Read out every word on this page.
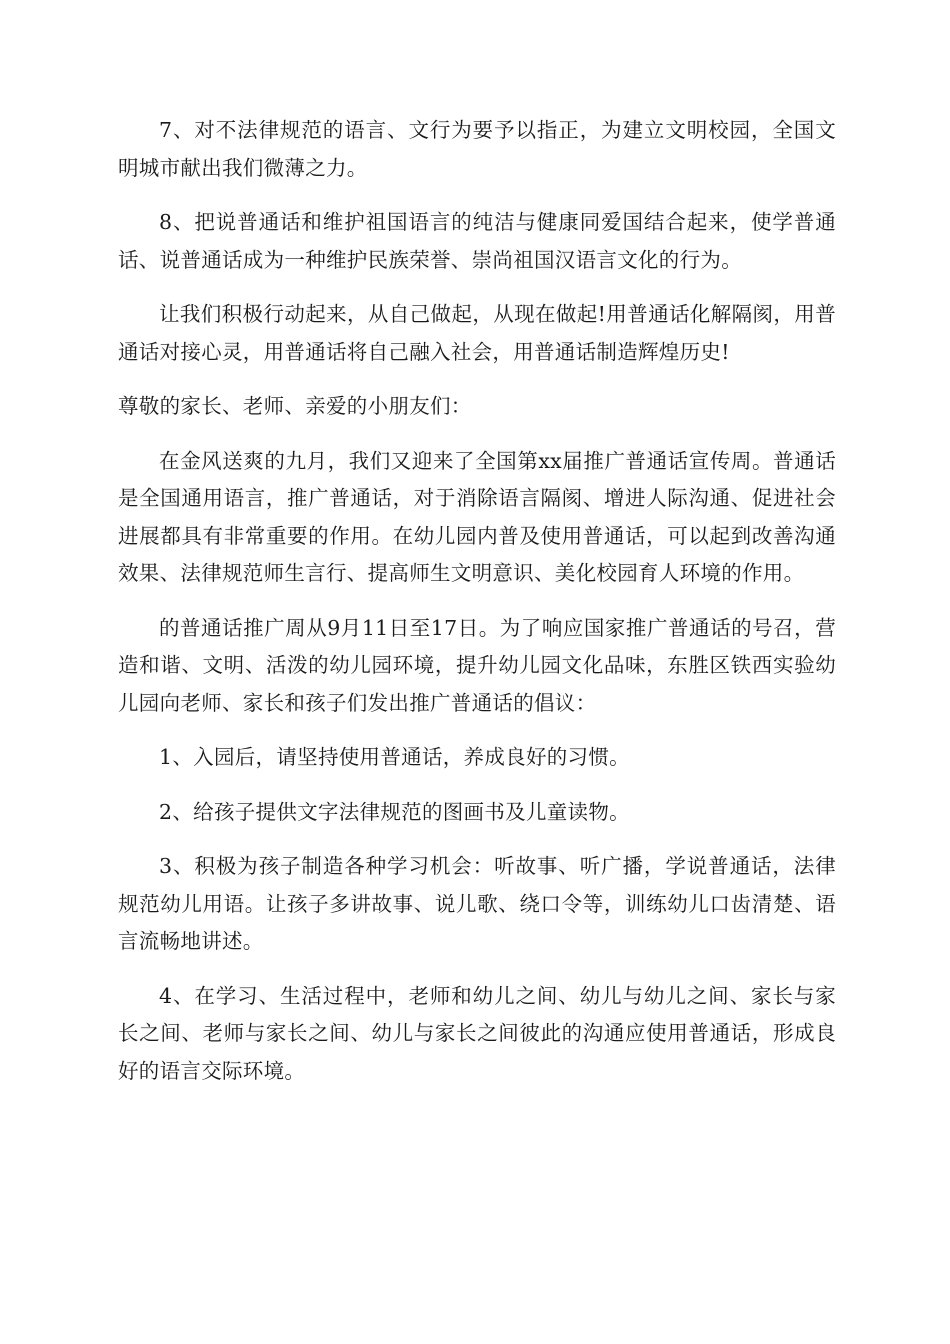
7、对不法律规范的语言、文行为要予以指正，为建立文明校园，全国文明城市献出我们微薄之力。

8、把说普通话和维护祖国语言的纯洁与健康同爱国结合起来，使学普通话、说普通话成为一种维护民族荣誉、崇尚祖国汉语言文化的行为。

让我们积极行动起来，从自己做起，从现在做起!用普通话化解隔阂，用普通话对接心灵，用普通话将自己融入社会，用普通话制造辉煌历史!

尊敬的家长、老师、亲爱的小朋友们：

在金风送爽的九月，我们又迎来了全国第xx届推广普通话宣传周。普通话是全国通用语言，推广普通话，对于消除语言隔阂、增进人际沟通、促进社会进展都具有非常重要的作用。在幼儿园内普及使用普通话，可以起到改善沟通效果、法律规范师生言行、提高师生文明意识、美化校园育人环境的作用。

的普通话推广周从9月11日至17日。为了响应国家推广普通话的号召，营造和谐、文明、活泼的幼儿园环境，提升幼儿园文化品味，东胜区铁西实验幼儿园向老师、家长和孩子们发出推广普通话的倡议：

1、入园后，请坚持使用普通话，养成良好的习惯。

2、给孩子提供文字法律规范的图画书及儿童读物。

3、积极为孩子制造各种学习机会：听故事、听广播，学说普通话，法律规范幼儿用语。让孩子多讲故事、说儿歌、绕口令等，训练幼儿口齿清楚、语言流畅地讲述。

4、在学习、生活过程中，老师和幼儿之间、幼儿与幼儿之间、家长与家长之间、老师与家长之间、幼儿与家长之间彼此的沟通应使用普通话，形成良好的语言交际环境。
